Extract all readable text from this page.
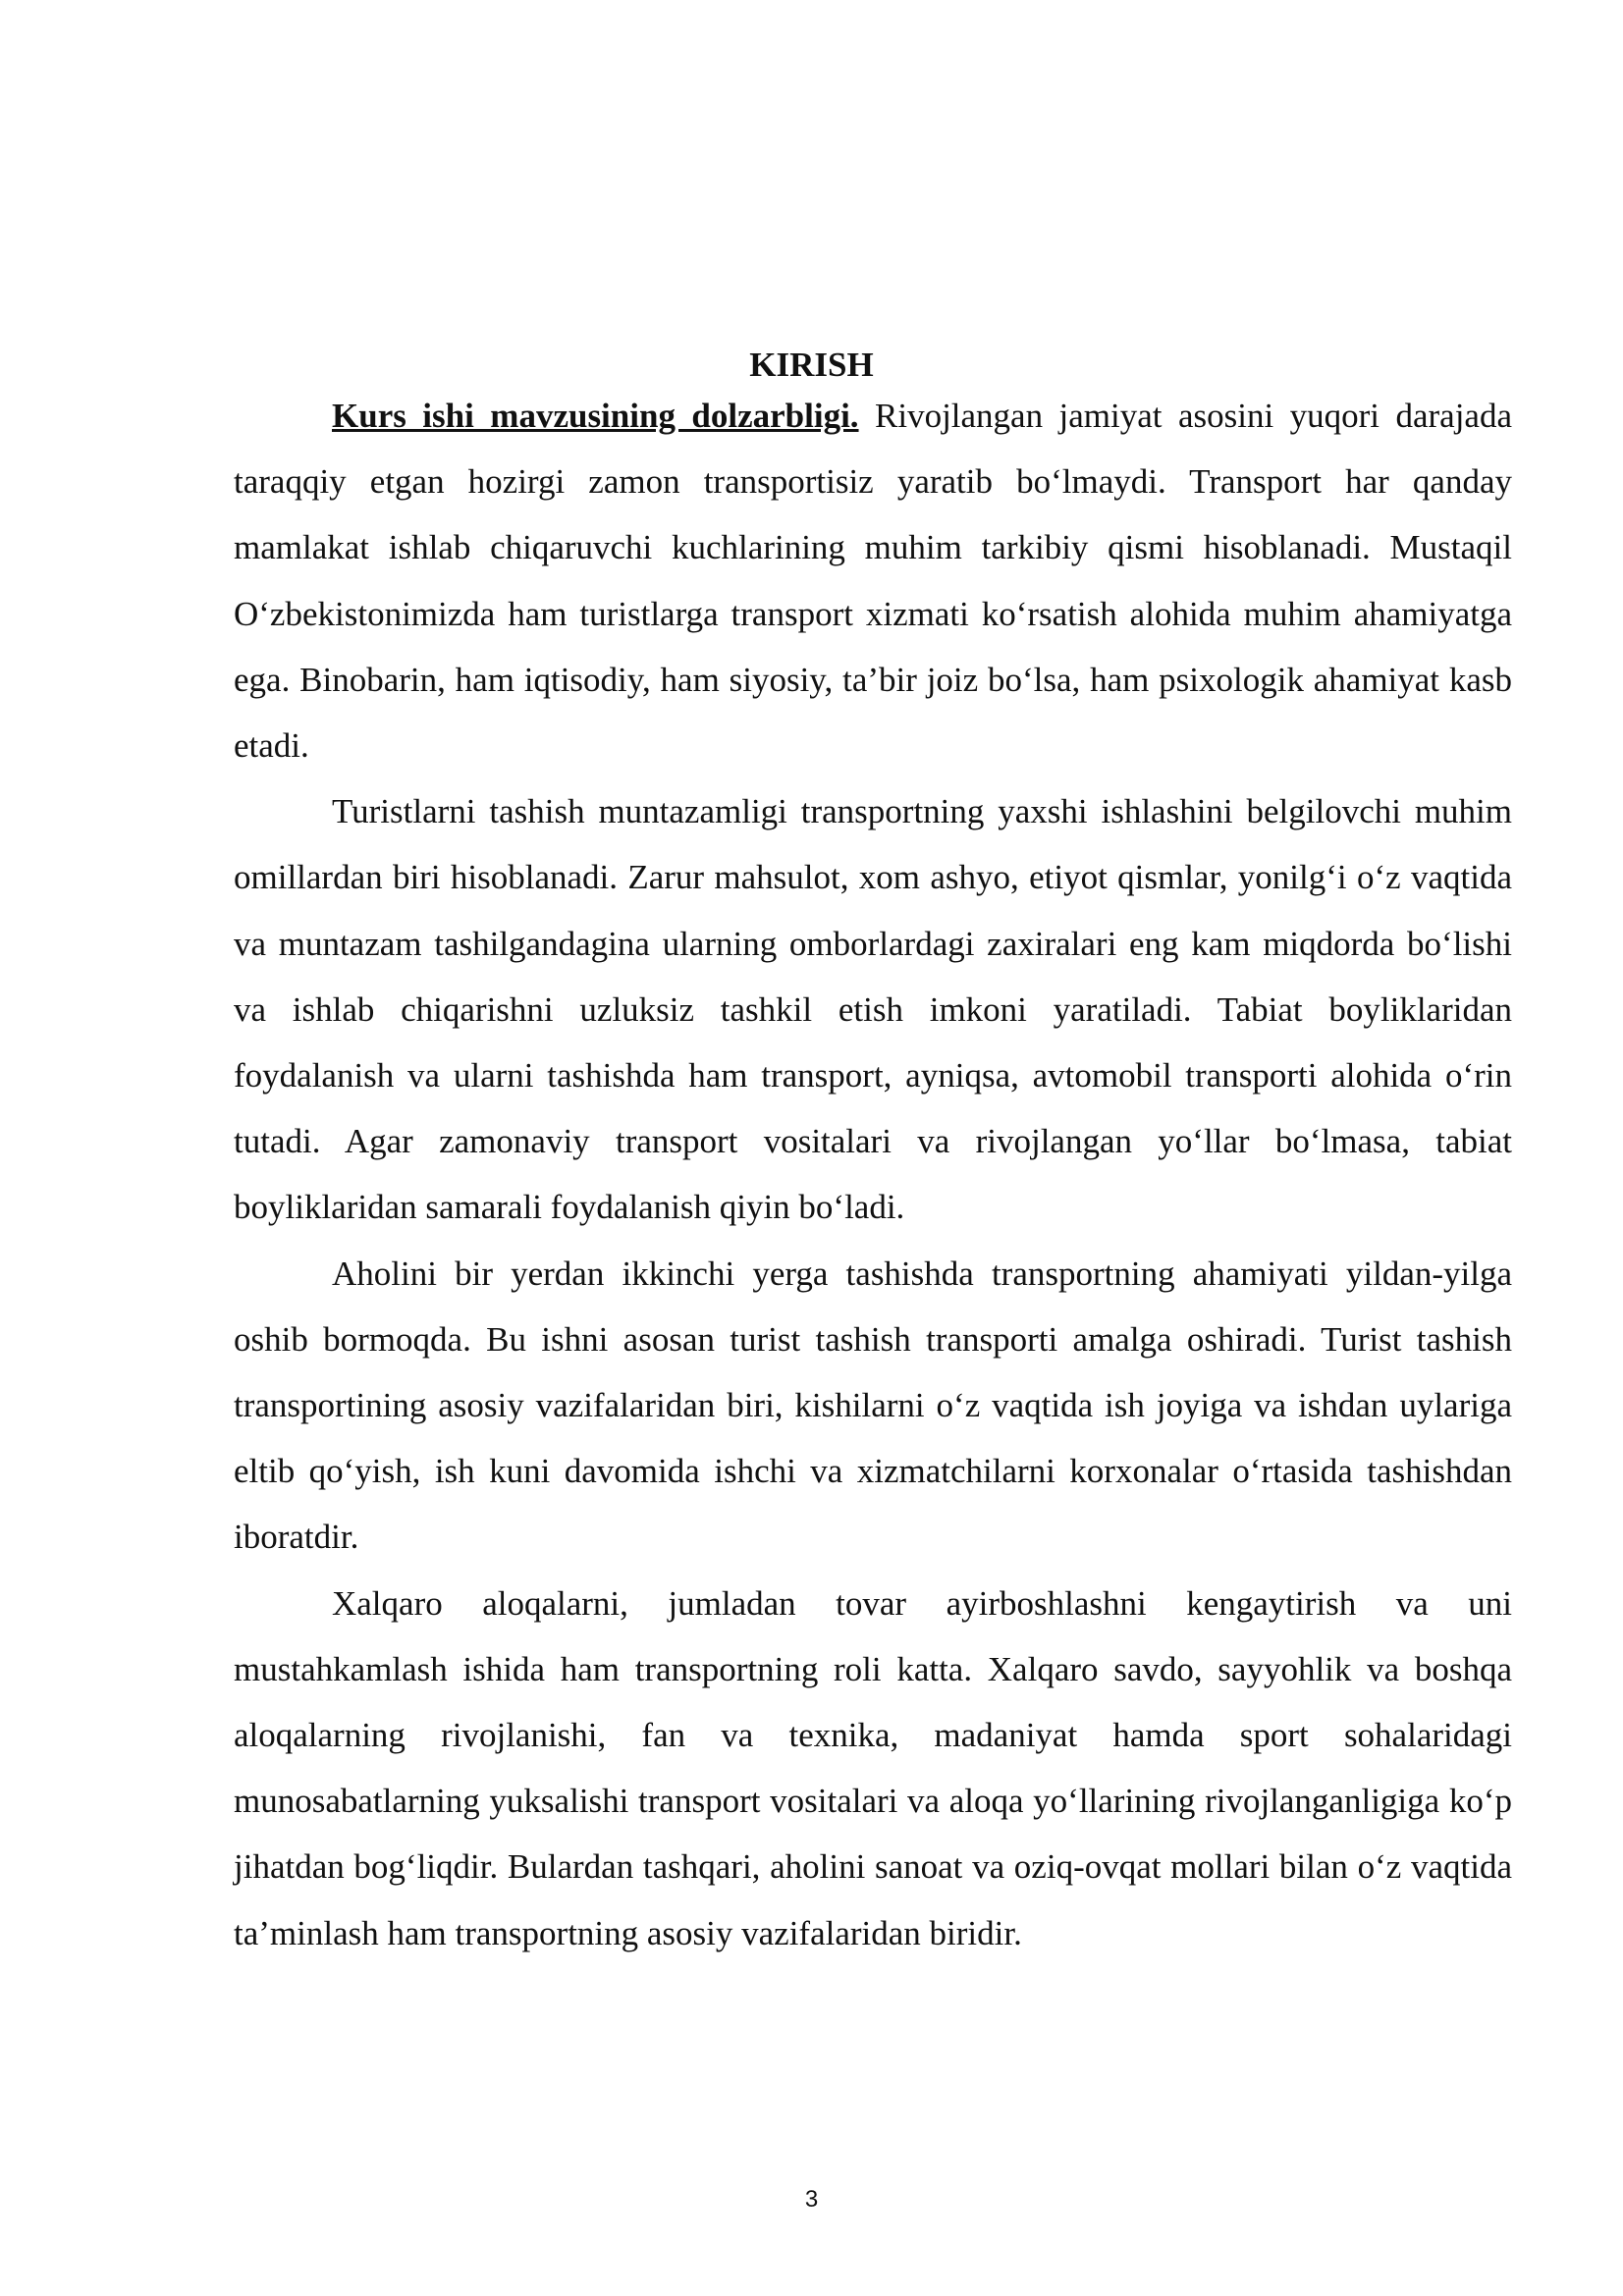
KIRISH

Kurs ishi mavzusining dolzarbligi. Rivojlangan jamiyat asosini yuqori darajada taraqqiy etgan hozirgi zamon transportisiz yaratib bo‘lmaydi. Transport har qanday mamlakat ishlab chiqaruvchi kuchlarining muhim tarkibiy qismi hisoblanadi. Mustaqil O‘zbekistonimizda ham turistlarga transport xizmati ko‘rsatish alohida muhim ahamiyatga ega. Binobarin, ham iqtisodiy, ham siyosiy, ta’bir joiz bo‘lsa, ham psixologik ahamiyat kasb etadi.

Turistlarni tashish muntazamligi transportning yaxshi ishlashini belgilovchi muhim omillardan biri hisoblanadi. Zarur mahsulot, xom ashyo, etiyot qismlar, yonilg‘i o‘z vaqtida va muntazam tashilgandagina ularning omborlardagi zaxiralari eng kam miqdorda bo‘lishi va ishlab chiqarishni uzluksiz tashkil etish imkoni yaratiladi. Tabiat boyliklaridan foydalanish va ularni tashishda ham transport, ayniqsa, avtomobil transporti alohida o‘rin tutadi. Agar zamonaviy transport vositalari va rivojlangan yo‘llar bo‘lmasa, tabiat boyliklaridan samarali foydalanish qiyin bo‘ladi.

Aholini bir yerdan ikkinchi yerga tashishda transportning ahamiyati yildan-yilga oshib bormoqda. Bu ishni asosan turist tashish transporti amalga oshiradi. Turist tashish transportining asosiy vazifalaridan biri, kishilarni o‘z vaqtida ish joyiga va ishdan uylariga eltib qo‘yish, ish kuni davomida ishchi va xizmatchilarni korxonalar o‘rtasida tashishdan iboratdir.

Xalqaro aloqalarni, jumladan tovar ayirboshlashni kengaytirish va uni mustahkamlash ishida ham transportning roli katta. Xalqaro savdo, sayyohlik va boshqa aloqalarning rivojlanishi, fan va texnika, madaniyat hamda sport sohalaridagi munosabatlarning yuksalishi transport vositalari va aloqa yo‘llarining rivojlanganligiga ko‘p jihatdan bog‘liqdir. Bulardan tashqari, aholini sanoat va oziq-ovqat mollari bilan o‘z vaqtida ta’minlash ham transportning asosiy vazifalaridan biridir.

3
